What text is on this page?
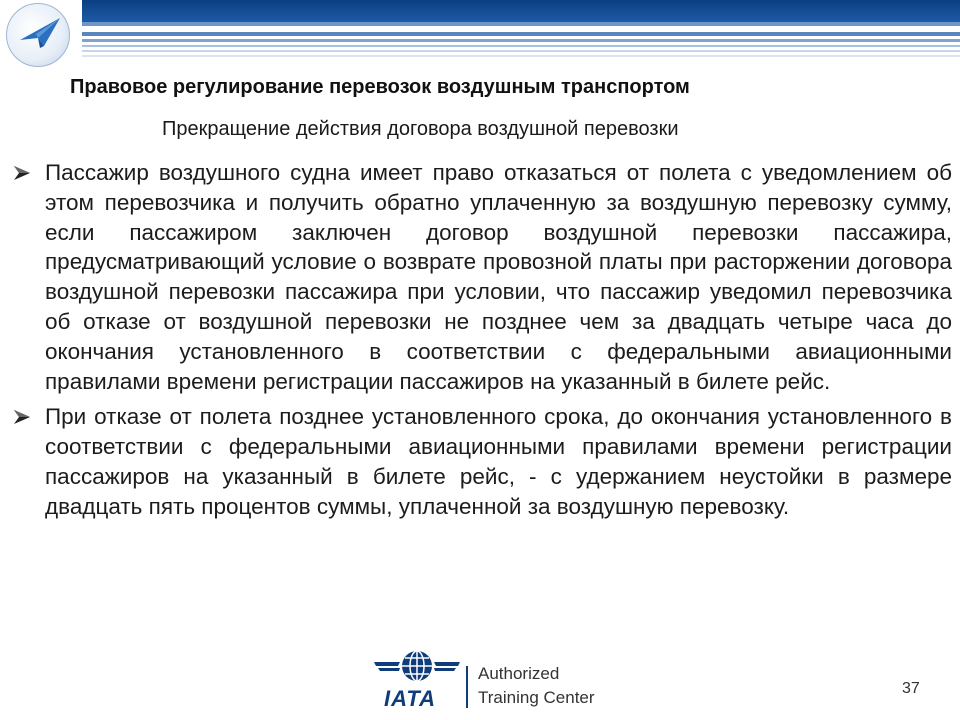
Правовое регулирование перевозок воздушным транспортом
Прекращение действия договора воздушной перевозки
Пассажир воздушного судна имеет право отказаться от полета с уведомлением об этом перевозчика и получить обратно уплаченную за воздушную перевозку сумму, если пассажиром заключен договор воздушной перевозки пассажира, предусматривающий условие о возврате провозной платы при расторжении договора воздушной перевозки пассажира при условии, что пассажир уведомил перевозчика об отказе от воздушной перевозки не позднее чем за двадцать четыре часа до окончания установленного в соответствии с федеральными авиационными правилами времени регистрации пассажиров на указанный в билете рейс.
При отказе от полета позднее установленного срока, до окончания установленного в соответствии с федеральными авиационными правилами времени регистрации пассажиров на указанный в билете рейс, - с удержанием неустойки в размере двадцать пять процентов суммы, уплаченной за воздушную перевозку.
IATA
Authorized
Training Center	37
